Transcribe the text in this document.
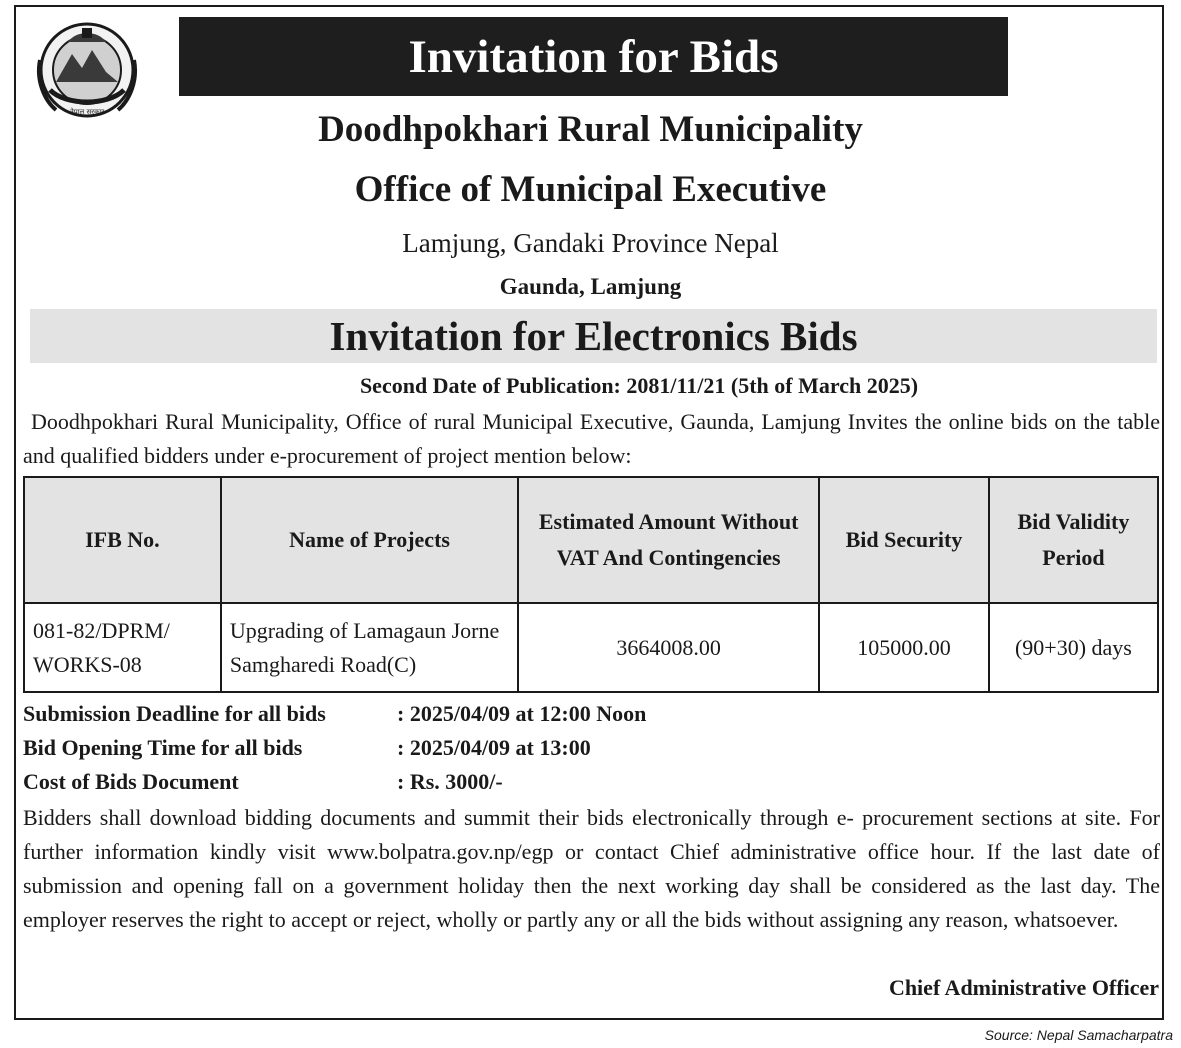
नेपाल सरकार
Invitation for Bids
Doodhpokhari Rural Municipality
Office of Municipal Executive
Lamjung, Gandaki Province Nepal
Gaunda, Lamjung
Invitation for Electronics Bids
Second Date of Publication: 2081/11/21 (5th of March 2025)
Doodhpokhari Rural Municipality, Office of rural Municipal Executive, Gaunda, Lamjung Invites the online bids on the table and qualified bidders under e-procurement of project mention below:
IFB No.	Name of Projects	Estimated Amount Without VAT And Contingencies	Bid Security	Bid Validity Period
081-82/DPRM/ WORKS-08	Upgrading of Lamagaun Jorne Samgharedi Road(C)	3664008.00	105000.00	(90+30) days
Submission Deadline for all bids	: 2025/04/09 at 12:00 Noon
Bid Opening Time for all bids	: 2025/04/09 at 13:00
Cost of Bids Document	: Rs. 3000/-
Bidders shall download bidding documents and summit their bids electronically through e- procurement sections at site. For further information kindly visit www.bolpatra.gov.np/egp or contact Chief administrative office hour. If the last date of submission and opening fall on a government holiday then the next working day shall be considered as the last day. The employer reserves the right to accept or reject, wholly or partly any or all the bids without assigning any reason, whatsoever.
Chief Administrative Officer
Source: Nepal Samacharpatra
